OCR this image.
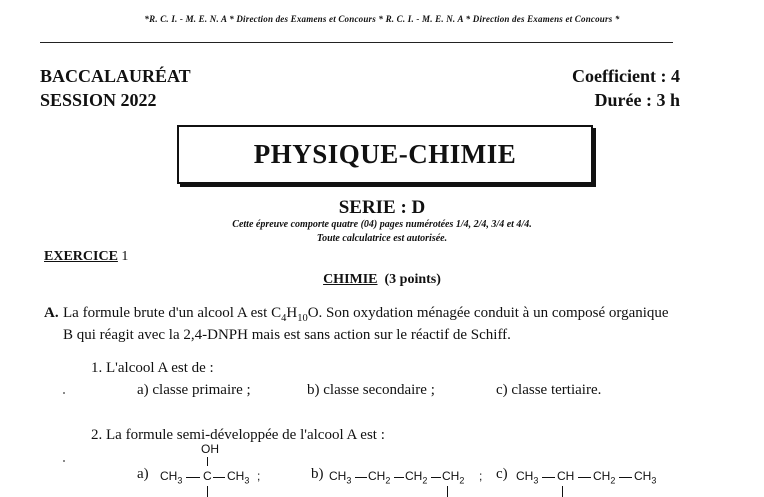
*R. C. I. - M. E. N. A * Direction des Examens et Concours * R. C. I. - M. E. N. A * Direction des Examens et Concours *
BACCALAURÉAT
SESSION 2022
Coefficient : 4
Durée : 3 h
PHYSIQUE-CHIMIE
SERIE : D
Cette épreuve comporte quatre (04) pages numérotées 1/4, 2/4, 3/4 et 4/4.
Toute calculatrice est autorisée.
EXERCICE 1
CHIMIE (3 points)
A. La formule brute d'un alcool A est $C_4H_{10}O$. Son oxydation ménagée conduit à un composé organique
B qui réagit avec la 2,4-DNPH mais est sans action sur le réactif de Schiff.
1. L'alcool A est de :
a) classe primaire ;	b) classe secondaire ;	c) classe tertiaire.
2. La formule semi-développée de l'alcool A est :
a)
OH
$CH_3$ C $CH_3$ ;	b) $CH_3$ $CH_2$ $CH_2$ $CH_2$ ; c) $CH_3$ CH $CH_2$ $CH_3$
